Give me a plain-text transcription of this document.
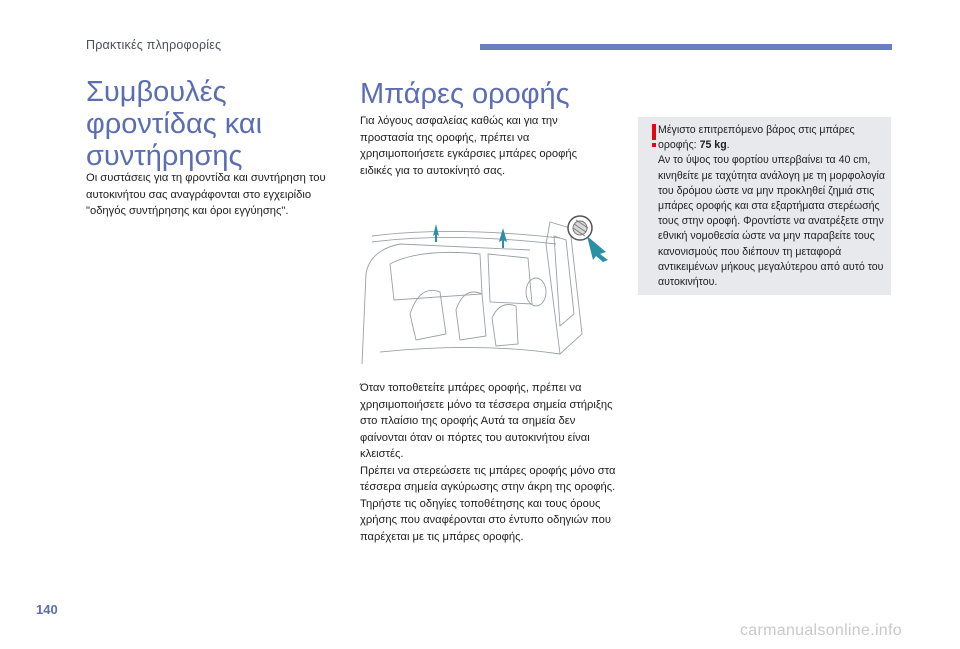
Πρακτικές πληροφορίες
Συμβουλές φροντίδας και συντήρησης

Οι συστάσεις για τη φροντίδα και συντήρηση του αυτοκινήτου σας αναγράφονται στο εγχειρίδιο "οδηγός συντήρησης και όροι εγγύησης".

Μπάρες οροφής

Για λόγους ασφαλείας καθώς και για την προστασία της οροφής, πρέπει να χρησιμοποιήσετε εγκάρσιες μπάρες οροφής ειδικές για το αυτοκίνητό σας.

Όταν τοποθετείτε μπάρες οροφής, πρέπει να χρησιμοποιήσετε μόνο τα τέσσερα σημεία στήριξης στο πλαίσιο της οροφής Αυτά τα σημεία δεν φαίνονται όταν οι πόρτες του αυτοκινήτου είναι κλειστές.

Πρέπει να στερεώσετε τις μπάρες οροφής μόνο στα τέσσερα σημεία αγκύρωσης στην άκρη της οροφής.

Τηρήστε τις οδηγίες τοποθέτησης και τους όρους χρήσης που αναφέρονται στο έντυπο οδηγιών που παρέχεται με τις μπάρες οροφής.

Μέγιστο επιτρεπόμενο βάρος στις μπάρες οροφής: 75 kg.

Αν το ύψος του φορτίου υπερβαίνει τα 40 cm, κινηθείτε με ταχύτητα ανάλογη με τη μορφολογία του δρόμου ώστε να μην προκληθεί ζημιά στις μπάρες οροφής και στα εξαρτήματα στερέωσής τους στην οροφή. Φροντίστε να ανατρέξετε στην εθνική νομοθεσία ώστε να μην παραβείτε τους κανονισμούς που διέπουν τη μεταφορά αντικειμένων μήκους μεγαλύτερου από αυτό του αυτοκινήτου.

140
carmanualsonline.info
